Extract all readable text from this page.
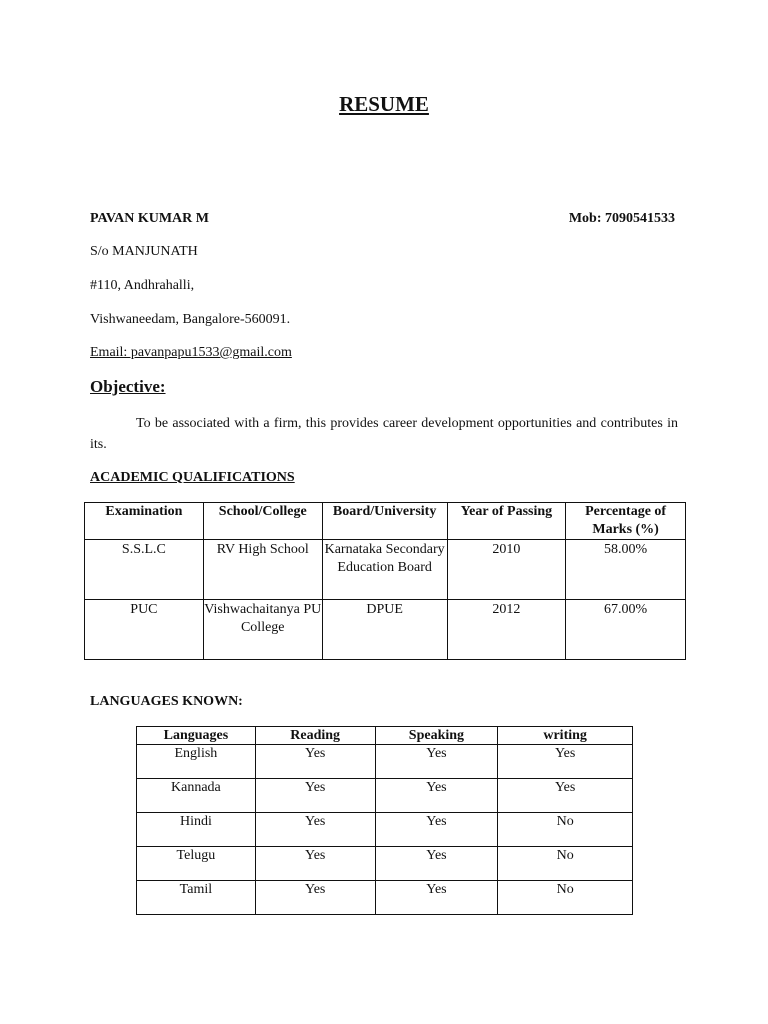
RESUME
PAVAN KUMAR M	Mob: 7090541533
S/o MANJUNATH
#110, Andhrahalli,
Vishwaneedam, Bangalore-560091.
Email: pavanpapu1533@gmail.com
Objective:
To be associated with a firm, this provides career development opportunities and contributes in its.
ACADEMIC QUALIFICATIONS
Examination	School/College	Board/University	Year of Passing	Percentage of Marks (%)
S.S.L.C	RV High School	Karnataka Secondary Education Board	2010	58.00%
PUC	Vishwachaitanya PU College	DPUE	2012	67.00%
LANGUAGES KNOWN:
Languages	Reading	Speaking	writing
English	Yes	Yes	Yes
Kannada	Yes	Yes	Yes
Hindi	Yes	Yes	No
Telugu	Yes	Yes	No
Tamil	Yes	Yes	No
